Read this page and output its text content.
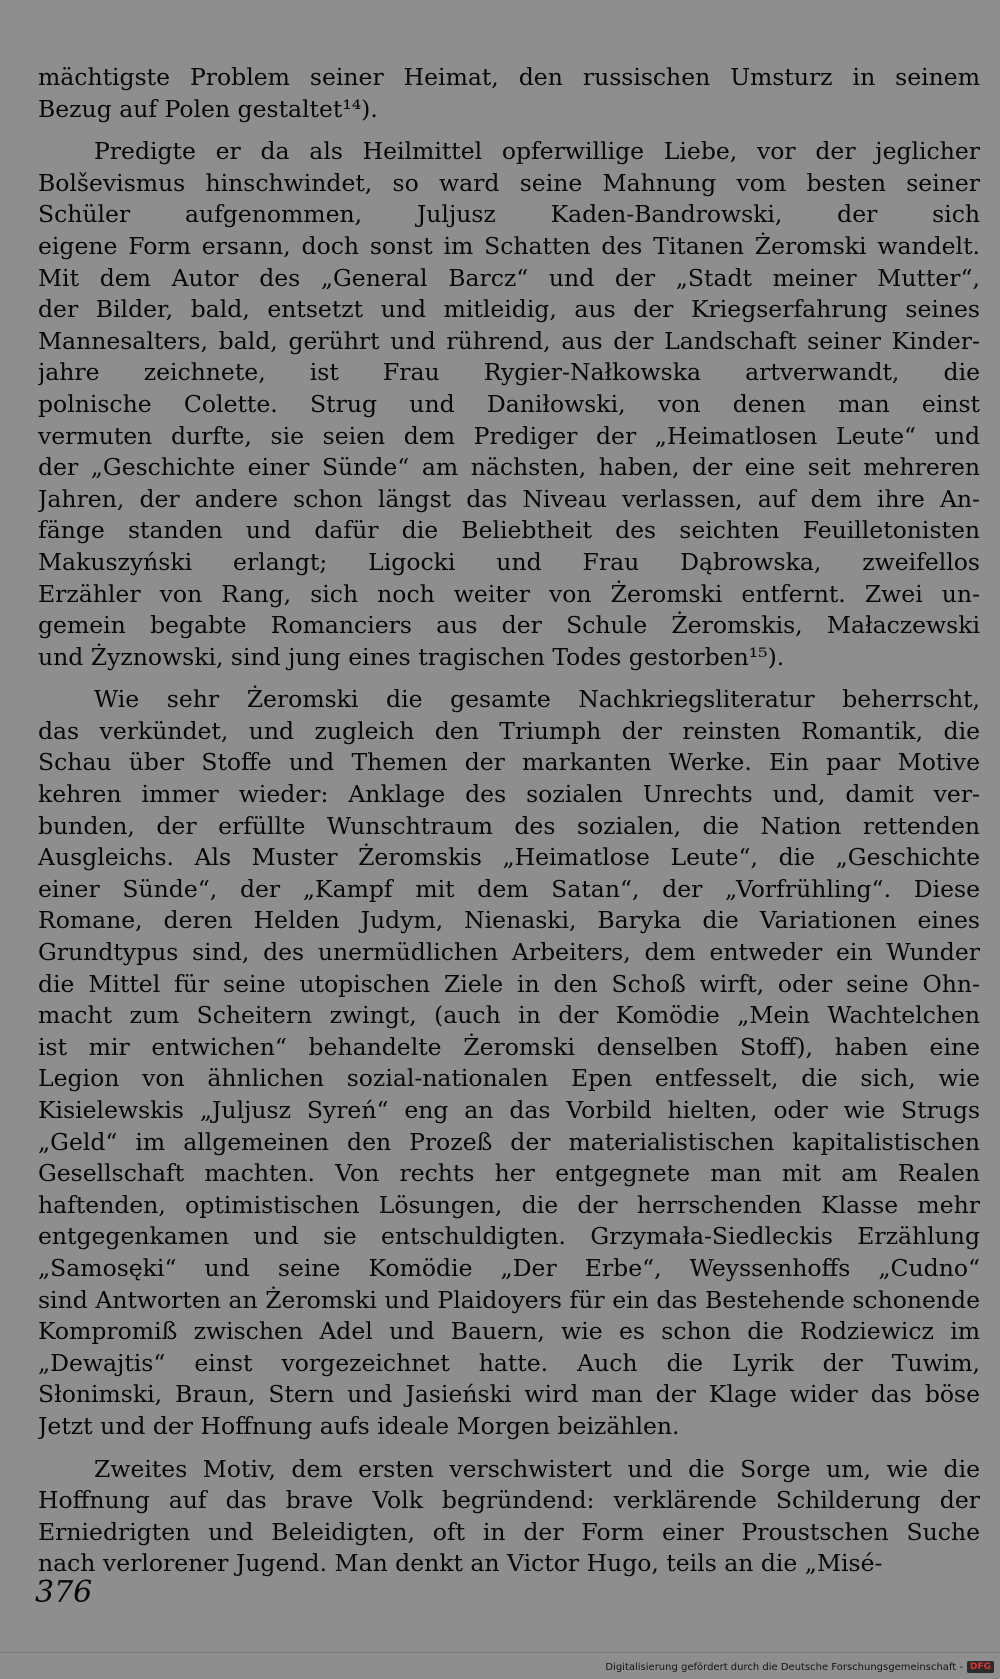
mächtigste Problem seiner Heimat, den russischen Umsturz in seinem
Bezug auf Polen gestaltet¹⁴).

Predigte er da als Heilmittel opferwillige Liebe, vor der jeglicher
Bolševismus hinschwindet, so ward seine Mahnung vom besten seiner
Schüler aufgenommen, Juljusz Kaden-Bandrowski, der sich
eigene Form ersann, doch sonst im Schatten des Titanen Żeromski wandelt.
Mit dem Autor des „General Barcz“ und der „Stadt meiner Mutter“,
der Bilder, bald, entsetzt und mitleidig, aus der Kriegserfahrung seines
Mannesalters, bald, gerührt und rührend, aus der Landschaft seiner Kinder-
jahre zeichnete, ist Frau Rygier-Nałkowska artverwandt, die
polnische Colette. Strug und Daniłowski, von denen man einst
vermuten durfte, sie seien dem Prediger der „Heimatlosen Leute“ und
der „Geschichte einer Sünde“ am nächsten, haben, der eine seit mehreren
Jahren, der andere schon längst das Niveau verlassen, auf dem ihre An-
fänge standen und dafür die Beliebtheit des seichten Feuilletonisten
Makuszyński erlangt; Ligocki und Frau Dąbrowska, zweifellos
Erzähler von Rang, sich noch weiter von Żeromski entfernt. Zwei un-
gemein begabte Romanciers aus der Schule Żeromskis, Małaczewski
und Żyznowski, sind jung eines tragischen Todes gestorben¹⁵).

Wie sehr Żeromski die gesamte Nachkriegsliteratur beherrscht,
das verkündet, und zugleich den Triumph der reinsten Romantik, die
Schau über Stoffe und Themen der markanten Werke. Ein paar Motive
kehren immer wieder: Anklage des sozialen Unrechts und, damit ver-
bunden, der erfüllte Wunschtraum des sozialen, die Nation rettenden
Ausgleichs. Als Muster Żeromskis „Heimatlose Leute“, die „Geschichte
einer Sünde“, der „Kampf mit dem Satan“, der „Vorfrühling“. Diese
Romane, deren Helden Judym, Nienaski, Baryka die Variationen eines
Grundtypus sind, des unermüdlichen Arbeiters, dem entweder ein Wunder
die Mittel für seine utopischen Ziele in den Schoß wirft, oder seine Ohn-
macht zum Scheitern zwingt, (auch in der Komödie „Mein Wachtelchen
ist mir entwichen“ behandelte Żeromski denselben Stoff), haben eine
Legion von ähnlichen sozial-nationalen Epen entfesselt, die sich, wie
Kisielewskis „Juljusz Syreń“ eng an das Vorbild hielten, oder wie Strugs
„Geld“ im allgemeinen den Prozeß der materialistischen kapitalistischen
Gesellschaft machten. Von rechts her entgegnete man mit am Realen
haftenden, optimistischen Lösungen, die der herrschenden Klasse mehr
entgegenkamen und sie entschuldigten. Grzymała-Siedleckis Erzählung
„Samosęki“ und seine Komödie „Der Erbe“, Weyssenhoffs „Cudno“
sind Antworten an Żeromski und Plaidoyers für ein das Bestehende schonende
Kompromiß zwischen Adel und Bauern, wie es schon die Rodziewicz im
„Dewajtis“ einst vorgezeichnet hatte. Auch die Lyrik der Tuwim,
Słonimski, Braun, Stern und Jasieński wird man der Klage wider das böse
Jetzt und der Hoffnung aufs ideale Morgen beizählen.

Zweites Motiv, dem ersten verschwistert und die Sorge um, wie die
Hoffnung auf das brave Volk begründend: verklärende Schilderung der
Erniedrigten und Beleidigten, oft in der Form einer Proustschen Suche
nach verlorener Jugend. Man denkt an Victor Hugo, teils an die „Misé-

376
Digitalisierung gefördert durch die Deutsche Forschungsgemeinschaft - DFG
